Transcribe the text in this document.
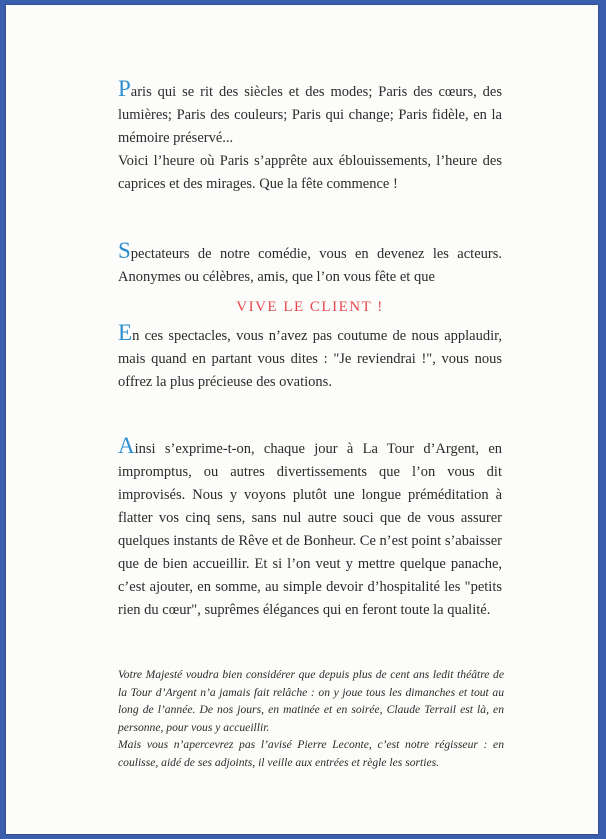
Paris qui se rit des siècles et des modes; Paris des cœurs, des lumières; Paris des couleurs; Paris qui change; Paris fidèle, en la mémoire préservé...

Voici l’heure où Paris s’apprête aux éblouissements, l’heure des caprices et des mirages. Que la fête commence !

Spectateurs de notre comédie, vous en devenez les acteurs. Anonymes ou célèbres, amis, que l’on vous fête et que

VIVE LE CLIENT !

En ces spectacles, vous n’avez pas coutume de nous applaudir, mais quand en partant vous dites : "Je reviendrai !", vous nous offrez la plus précieuse des ovations.

Ainsi s’exprime-t-on, chaque jour à La Tour d’Argent, en impromptus, ou autres divertissements que l’on vous dit improvisés. Nous y voyons plutôt une longue préméditation à flatter vos cinq sens, sans nul autre souci que de vous assurer quelques instants de Rêve et de Bonheur. Ce n’est point s’abaisser que de bien accueillir. Et si l’on veut y mettre quelque panache, c’est ajouter, en somme, au simple devoir d’hospitalité les "petits rien du cœur", suprêmes élégances qui en feront toute la qualité.

Votre Majesté voudra bien considérer que depuis plus de cent ans ledit théâtre de la Tour d’Argent n’a jamais fait relâche : on y joue tous les dimanches et tout au long de l’année. De nos jours, en matinée et en soirée, Claude Terrail est là, en personne, pour vous y accueillir.

Mais vous n’apercevrez pas l’avisé Pierre Leconte, c’est notre régisseur : en coulisse, aidé de ses adjoints, il veille aux entrées et règle les sorties.
